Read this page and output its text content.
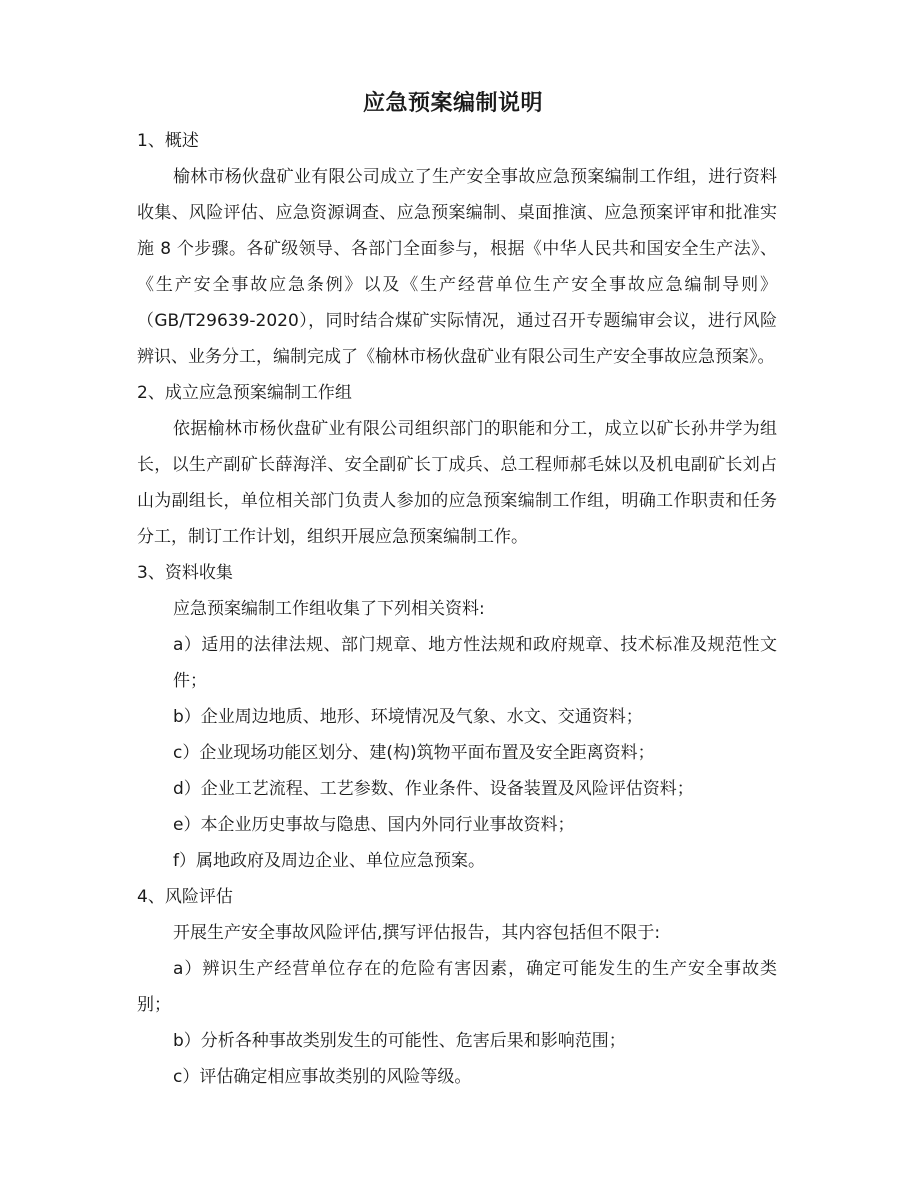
应急预案编制说明

1、概述

榆林市杨伙盘矿业有限公司成立了生产安全事故应急预案编制工作组，进行资料收集、风险评估、应急资源调查、应急预案编制、桌面推演、应急预案评审和批准实施 8 个步骤。各矿级领导、各部门全面参与，根据《中华人民共和国安全生产法》、《生产安全事故应急条例》以及《生产经营单位生产安全事故应急编制导则》（GB/T29639-2020），同时结合煤矿实际情况，通过召开专题编审会议，进行风险辨识、业务分工，编制完成了《榆林市杨伙盘矿业有限公司生产安全事故应急预案》。

2、成立应急预案编制工作组

依据榆林市杨伙盘矿业有限公司组织部门的职能和分工，成立以矿长孙井学为组长，以生产副矿长薛海洋、安全副矿长丁成兵、总工程师郝毛妹以及机电副矿长刘占山为副组长，单位相关部门负责人参加的应急预案编制工作组，明确工作职责和任务分工，制订工作计划，组织开展应急预案编制工作。

3、资料收集

应急预案编制工作组收集了下列相关资料:

a）适用的法律法规、部门规章、地方性法规和政府规章、技术标准及规范性文件；

b）企业周边地质、地形、环境情况及气象、水文、交通资料；

c）企业现场功能区划分、建(构)筑物平面布置及安全距离资料；

d）企业工艺流程、工艺参数、作业条件、设备装置及风险评估资料；

e）本企业历史事故与隐患、国内外同行业事故资料；

f）属地政府及周边企业、单位应急预案。

4、风险评估

开展生产安全事故风险评估,撰写评估报告，其内容包括但不限于:

a）辨识生产经营单位存在的危险有害因素，确定可能发生的生产安全事故类别；

b）分析各种事故类别发生的可能性、危害后果和影响范围；

c）评估确定相应事故类别的风险等级。
